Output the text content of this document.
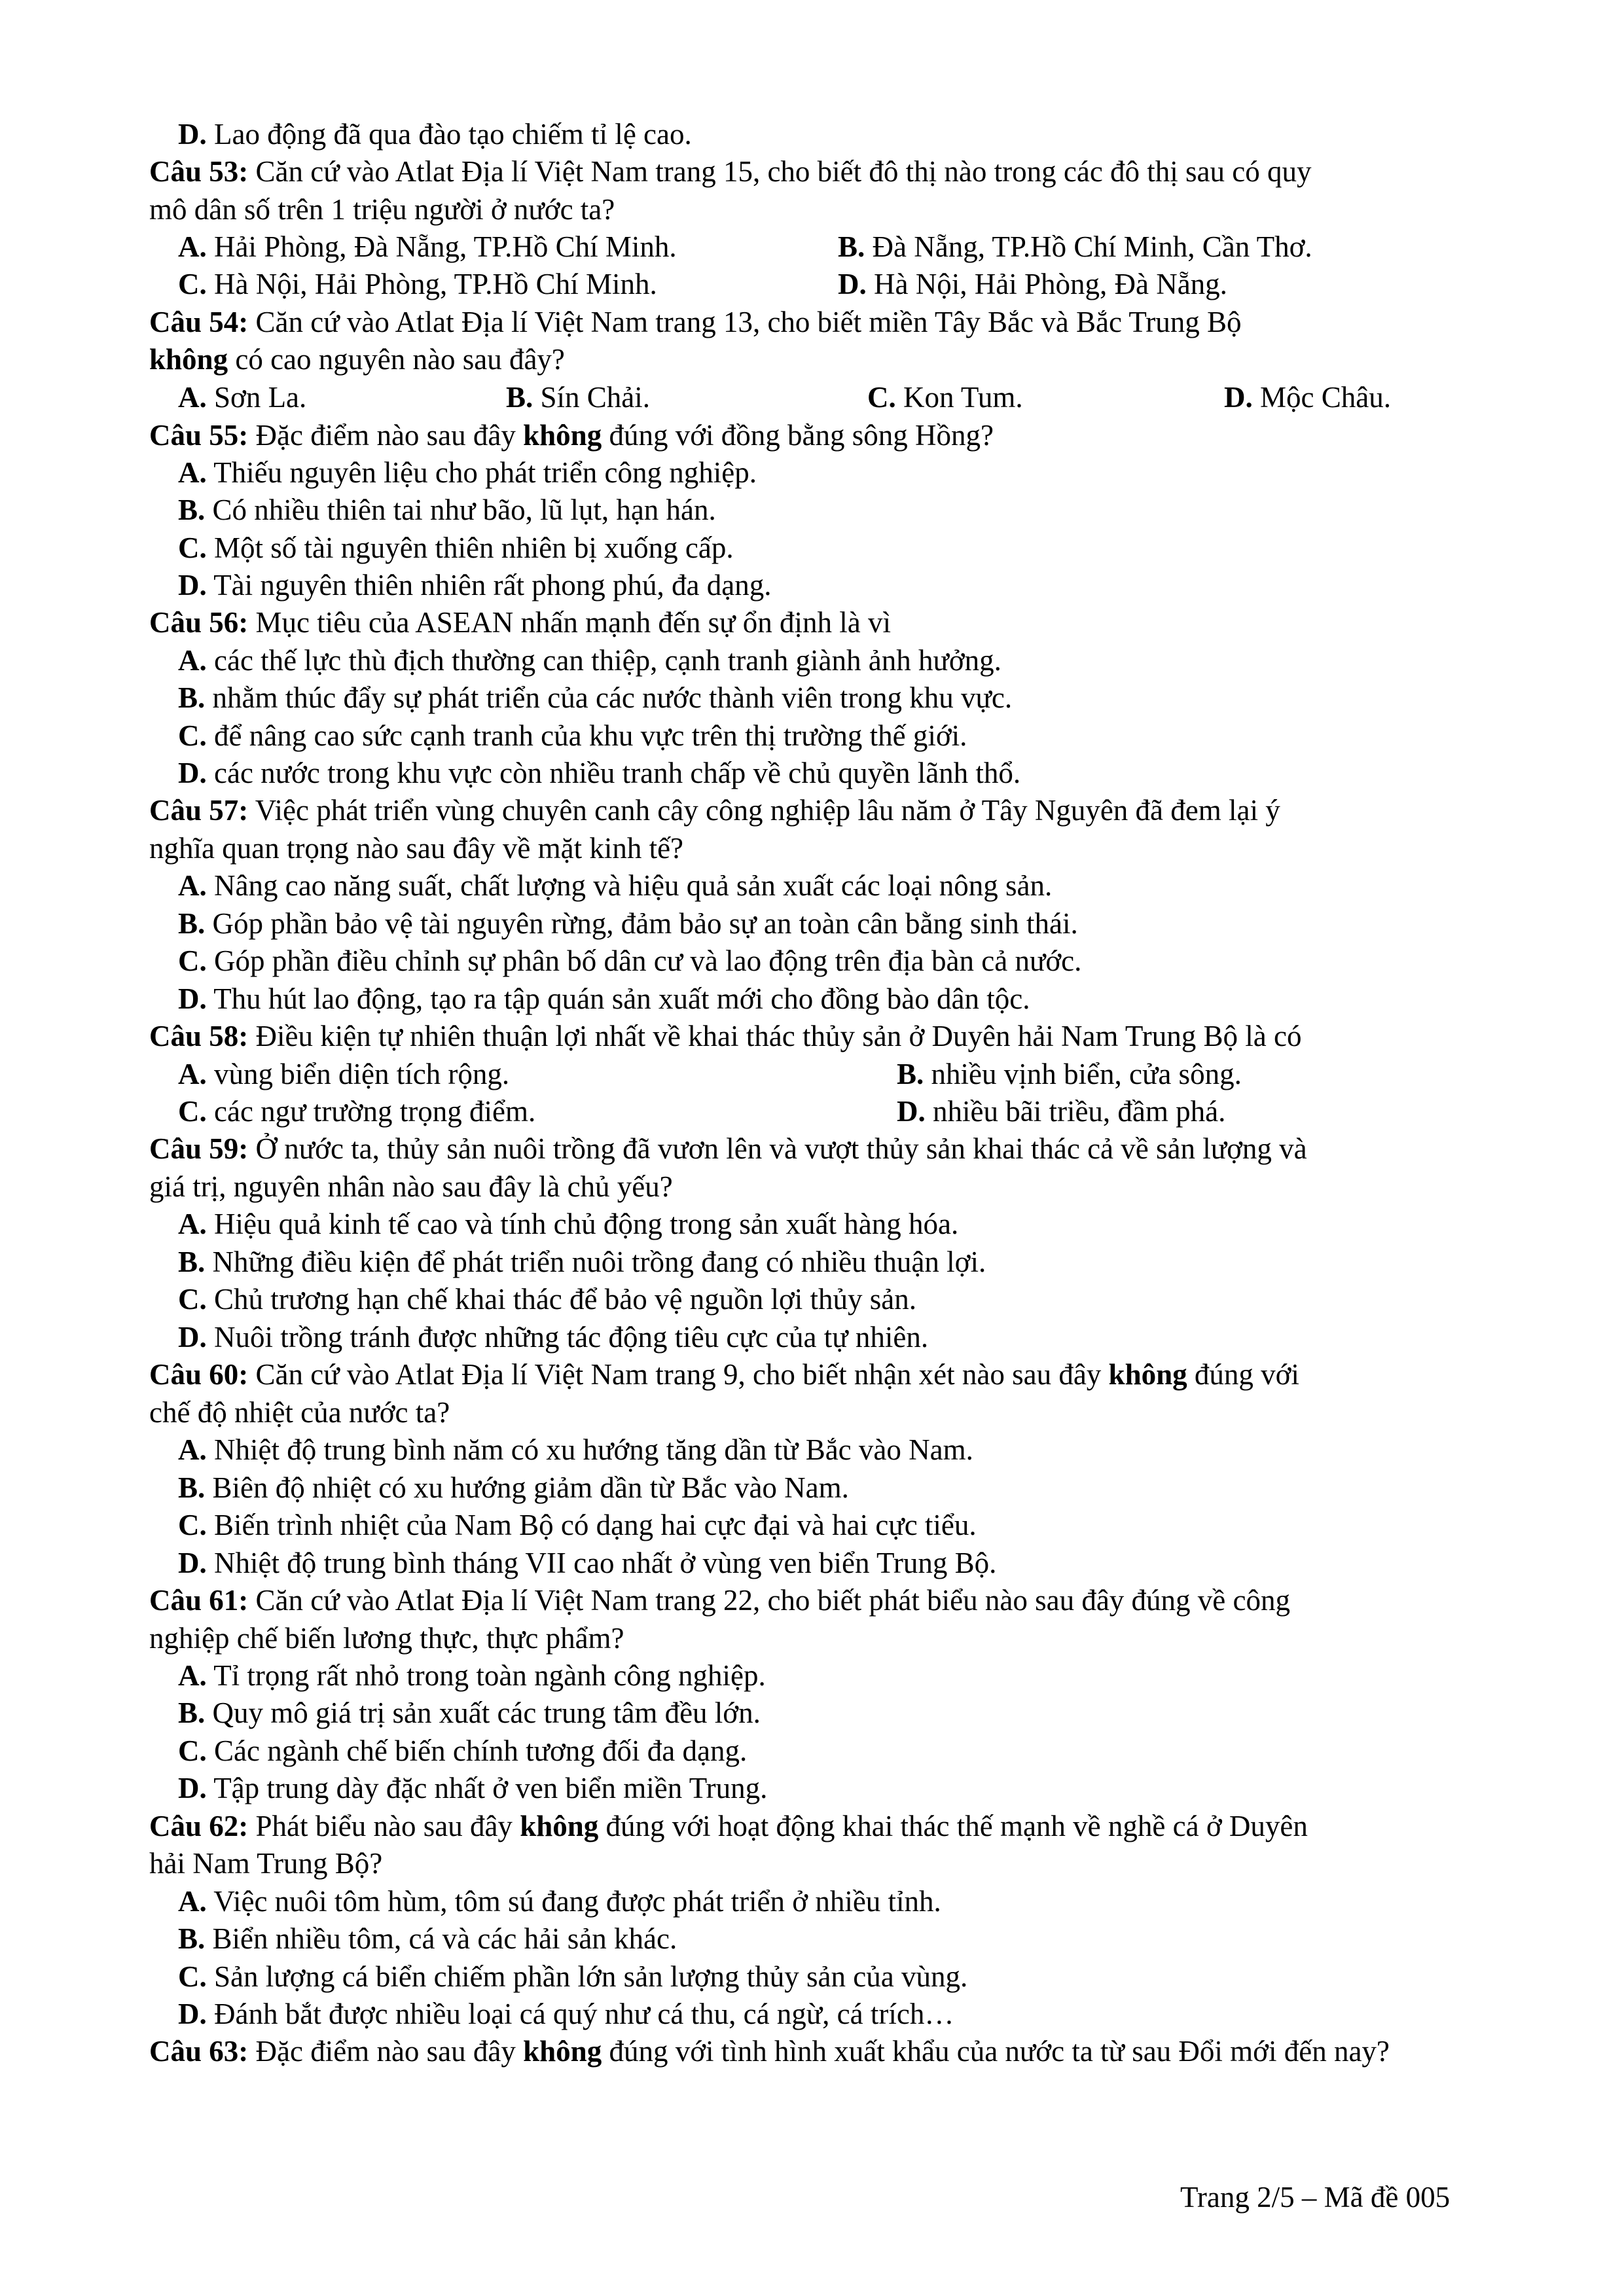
D. Lao động đã qua đào tạo chiếm tỉ lệ cao.
Câu 53: Căn cứ vào Atlat Địa lí Việt Nam trang 15, cho biết đô thị nào trong các đô thị sau có quy
mô dân số trên 1 triệu người ở nước ta?
A. Hải Phòng, Đà Nẵng, TP.Hồ Chí Minh.	B. Đà Nẵng, TP.Hồ Chí Minh, Cần Thơ.
C. Hà Nội, Hải Phòng, TP.Hồ Chí Minh.	D. Hà Nội, Hải Phòng, Đà Nẵng.
Câu 54: Căn cứ vào Atlat Địa lí Việt Nam trang 13, cho biết miền Tây Bắc và Bắc Trung Bộ
không có cao nguyên nào sau đây?
A. Sơn La.	B. Sín Chải.	C. Kon Tum.	D. Mộc Châu.
Câu 55: Đặc điểm nào sau đây không đúng với đồng bằng sông Hồng?
A. Thiếu nguyên liệu cho phát triển công nghiệp.
B. Có nhiều thiên tai như bão, lũ lụt, hạn hán.
C. Một số tài nguyên thiên nhiên bị xuống cấp.
D. Tài nguyên thiên nhiên rất phong phú, đa dạng.
Câu 56: Mục tiêu của ASEAN nhấn mạnh đến sự ổn định là vì
A. các thế lực thù địch thường can thiệp, cạnh tranh giành ảnh hưởng.
B. nhằm thúc đẩy sự phát triển của các nước thành viên trong khu vực.
C. để nâng cao sức cạnh tranh của khu vực trên thị trường thế giới.
D. các nước trong khu vực còn nhiều tranh chấp về chủ quyền lãnh thổ.
Câu 57: Việc phát triển vùng chuyên canh cây công nghiệp lâu năm ở Tây Nguyên đã đem lại ý
nghĩa quan trọng nào sau đây về mặt kinh tế?
A. Nâng cao năng suất, chất lượng và hiệu quả sản xuất các loại nông sản.
B. Góp phần bảo vệ tài nguyên rừng, đảm bảo sự an toàn cân bằng sinh thái.
C. Góp phần điều chỉnh sự phân bố dân cư và lao động trên địa bàn cả nước.
D. Thu hút lao động, tạo ra tập quán sản xuất mới cho đồng bào dân tộc.
Câu 58: Điều kiện tự nhiên thuận lợi nhất về khai thác thủy sản ở Duyên hải Nam Trung Bộ là có
A. vùng biển diện tích rộng.	B. nhiều vịnh biển, cửa sông.
C. các ngư trường trọng điểm.	D. nhiều bãi triều, đầm phá.
Câu 59: Ở nước ta, thủy sản nuôi trồng đã vươn lên và vượt thủy sản khai thác cả về sản lượng và
giá trị, nguyên nhân nào sau đây là chủ yếu?
A. Hiệu quả kinh tế cao và tính chủ động trong sản xuất hàng hóa.
B. Những điều kiện để phát triển nuôi trồng đang có nhiều thuận lợi.
C. Chủ trương hạn chế khai thác để bảo vệ nguồn lợi thủy sản.
D. Nuôi trồng tránh được những tác động tiêu cực của tự nhiên.
Câu 60: Căn cứ vào Atlat Địa lí Việt Nam trang 9, cho biết nhận xét nào sau đây không đúng với
chế độ nhiệt của nước ta?
A. Nhiệt độ trung bình năm có xu hướng tăng dần từ Bắc vào Nam.
B. Biên độ nhiệt có xu hướng giảm dần từ Bắc vào Nam.
C. Biến trình nhiệt của Nam Bộ có dạng hai cực đại và hai cực tiểu.
D. Nhiệt độ trung bình tháng VII cao nhất ở vùng ven biển Trung Bộ.
Câu 61: Căn cứ vào Atlat Địa lí Việt Nam trang 22, cho biết phát biểu nào sau đây đúng về công
nghiệp chế biến lương thực, thực phẩm?
A. Tỉ trọng rất nhỏ trong toàn ngành công nghiệp.
B. Quy mô giá trị sản xuất các trung tâm đều lớn.
C. Các ngành chế biến chính tương đối đa dạng.
D. Tập trung dày đặc nhất ở ven biển miền Trung.
Câu 62: Phát biểu nào sau đây không đúng với hoạt động khai thác thế mạnh về nghề cá ở Duyên
hải Nam Trung Bộ?
A. Việc nuôi tôm hùm, tôm sú đang được phát triển ở nhiều tỉnh.
B. Biển nhiều tôm, cá và các hải sản khác.
C. Sản lượng cá biển chiếm phần lớn sản lượng thủy sản của vùng.
D. Đánh bắt được nhiều loại cá quý như cá thu, cá ngừ, cá trích…
Câu 63: Đặc điểm nào sau đây không đúng với tình hình xuất khẩu của nước ta từ sau Đổi mới đến nay?
Trang 2/5 – Mã đề 005
